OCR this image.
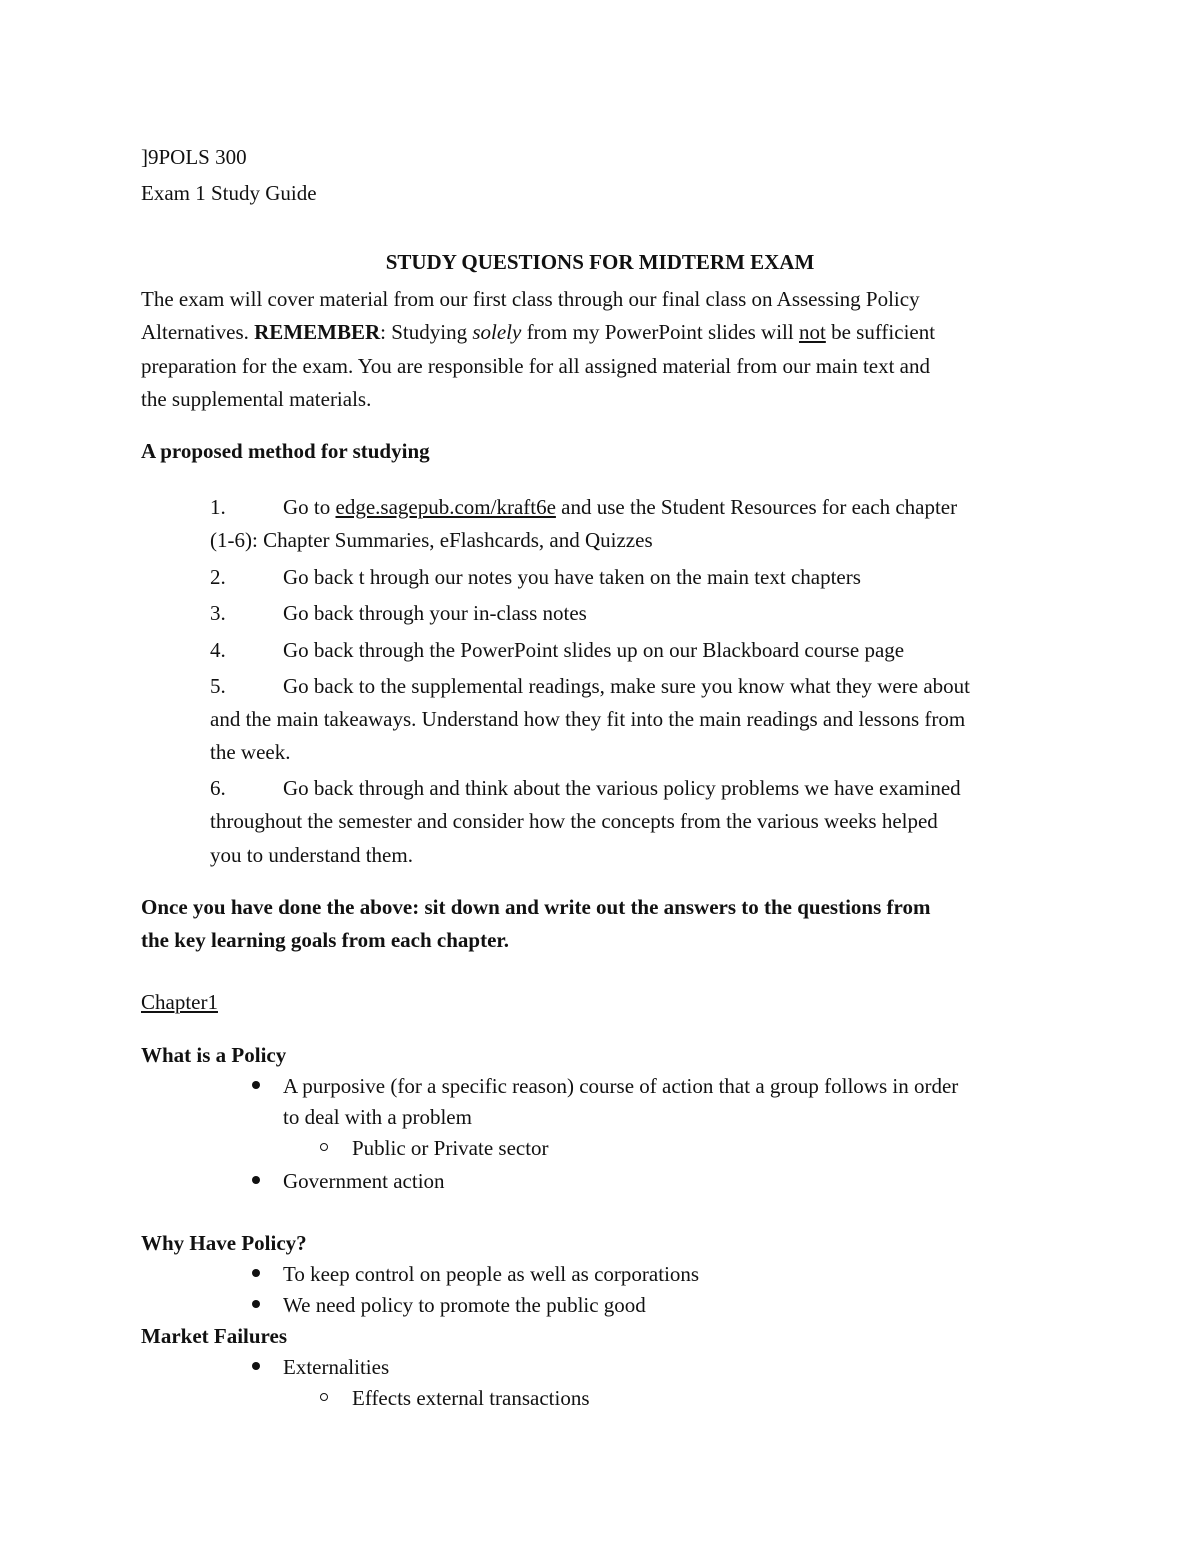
]9POLS 300
Exam 1 Study Guide
STUDY QUESTIONS FOR MIDTERM EXAM
The exam will cover material from our first class through our final class on Assessing Policy
Alternatives. REMEMBER: Studying solely from my PowerPoint slides will not be sufficient
preparation for the exam. You are responsible for all assigned material from our main text and
the supplemental materials.
A proposed method for studying
1.	Go to edge.sagepub.com/kraft6e and use the Student Resources for each chapter
(1-6): Chapter Summaries, eFlashcards, and Quizzes
2.	Go back t hrough our notes you have taken on the main text chapters
3.	Go back through your in-class notes
4.	Go back through the PowerPoint slides up on our Blackboard course page
5.	Go back to the supplemental readings, make sure you know what they were about
and the main takeaways. Understand how they fit into the main readings and lessons from
the week.
6.	Go back through and think about the various policy problems we have examined
throughout the semester and consider how the concepts from the various weeks helped
you to understand them.
Once you have done the above: sit down and write out the answers to the questions from
the key learning goals from each chapter.
Chapter1
What is a Policy
A purposive (for a specific reason) course of action that a group follows in order
to deal with a problem
Public or Private sector
Government action
Why Have Policy?
To keep control on people as well as corporations
We need policy to promote the public good
Market Failures
Externalities
Effects external transactions
